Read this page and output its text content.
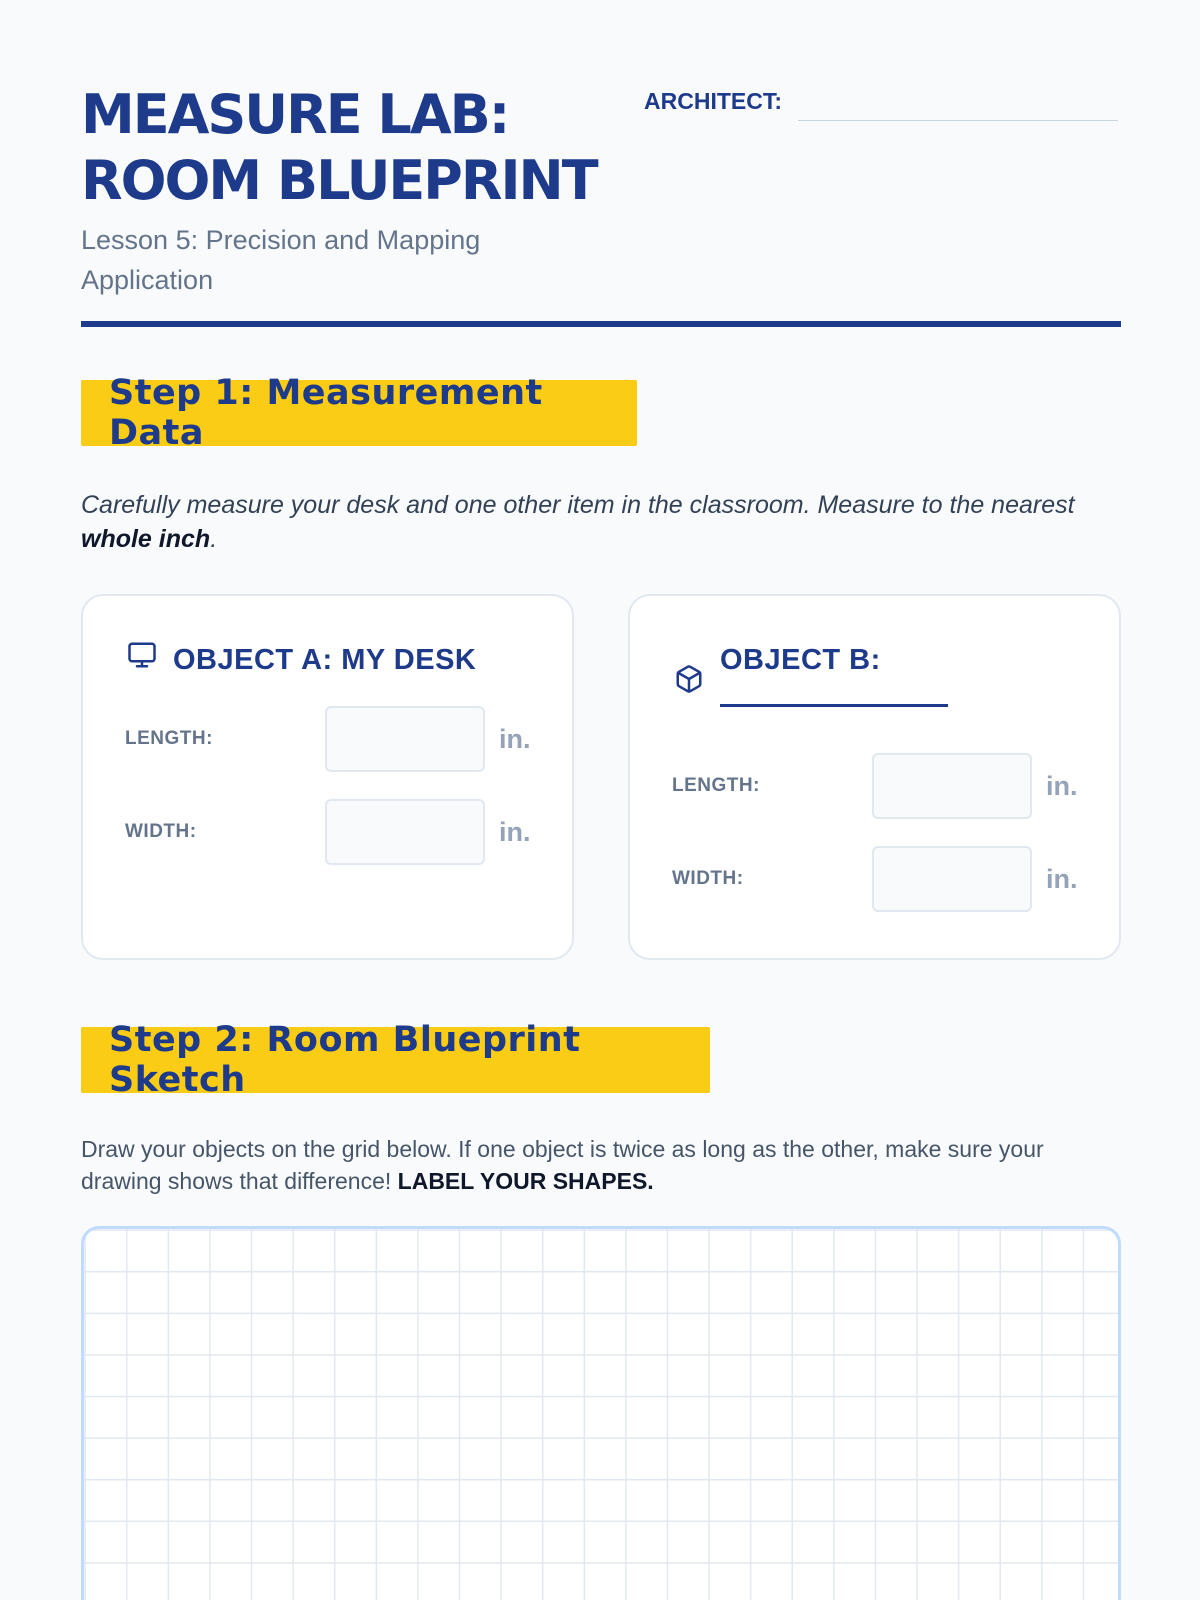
MEASURE LAB:
ROOM BLUEPRINT
Lesson 5: Precision and Mapping Application
ARCHITECT:
Step 1: Measurement Data
Carefully measure your desk and one other item in the classroom. Measure to the nearest whole inch.
OBJECT A: MY DESK
LENGTH:	in.
WIDTH:	in.
OBJECT B:
LENGTH:	in.
WIDTH:	in.
Step 2: Room Blueprint Sketch
Draw your objects on the grid below. If one object is twice as long as the other, make sure your drawing shows that difference! LABEL YOUR SHAPES.
